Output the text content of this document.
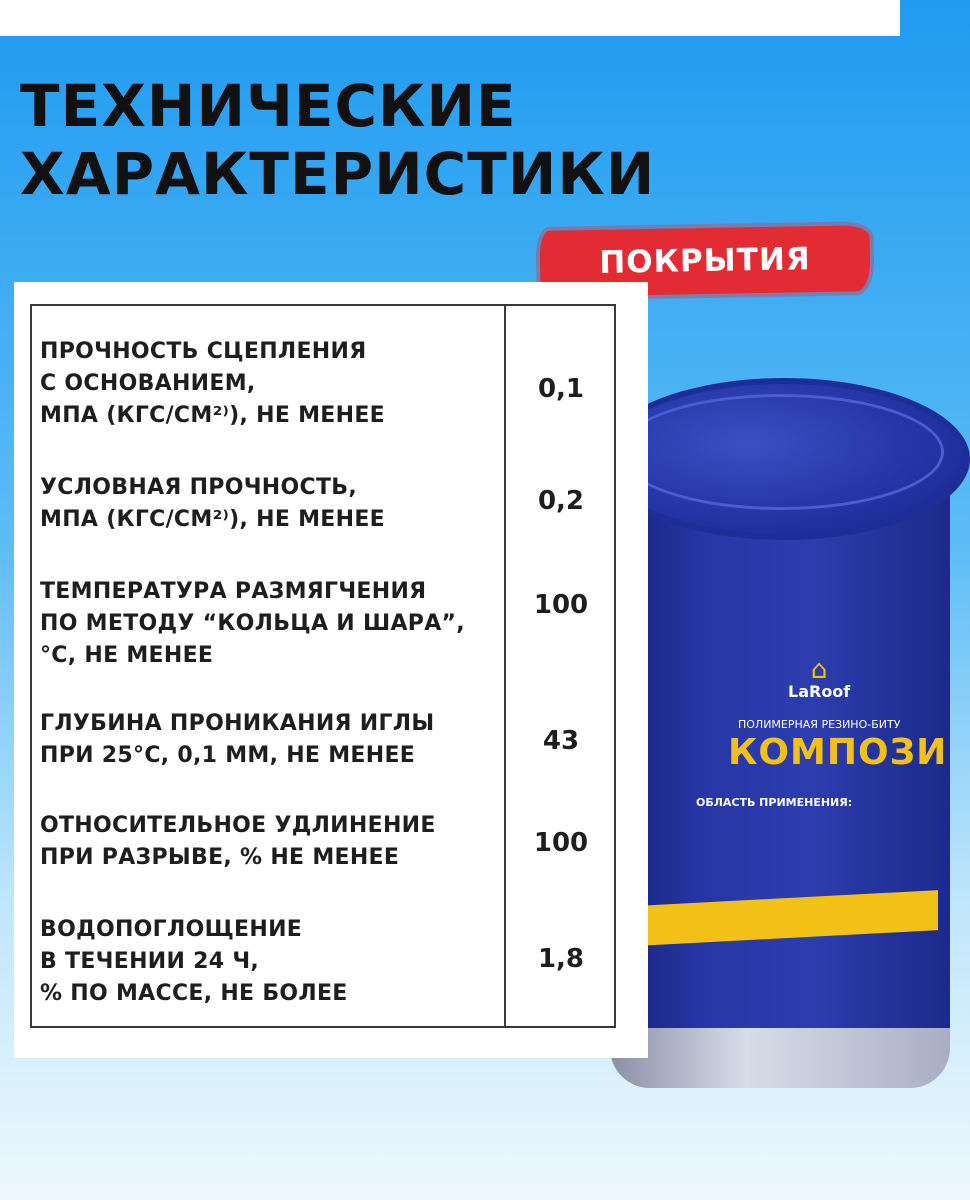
ТЕХНИЧЕСКИЕ
ХАРАКТЕРИСТИКИ
ПОКРЫТИЯ
⌂
LaRoof
ПОЛИМЕРНАЯ РЕЗИНО-БИТУ
КОМПОЗИ
ОБЛАСТЬ ПРИМЕНЕНИЯ:
ПРОЧНОСТЬ СЦЕПЛЕНИЯ
С ОСНОВАНИЕМ,
МПА (КГС/СМ²⁾), НЕ МЕНЕЕ
0,1
УСЛОВНАЯ ПРОЧНОСТЬ,
МПА (КГС/СМ²⁾), НЕ МЕНЕЕ
0,2
ТЕМПЕРАТУРА РАЗМЯГЧЕНИЯ
ПО МЕТОДУ “КОЛЬЦА И ШАРА”,
°С, НЕ МЕНЕЕ
100
ГЛУБИНА ПРОНИКАНИЯ ИГЛЫ
ПРИ 25°С, 0,1 ММ, НЕ МЕНЕЕ	43
ОТНОСИТЕЛЬНОЕ УДЛИНЕНИЕ
ПРИ РАЗРЫВЕ, % НЕ МЕНЕЕ	100
ВОДОПОГЛОЩЕНИЕ
В ТЕЧЕНИИ 24 Ч,
% ПО МАССЕ, НЕ БОЛЕЕ
1,8
